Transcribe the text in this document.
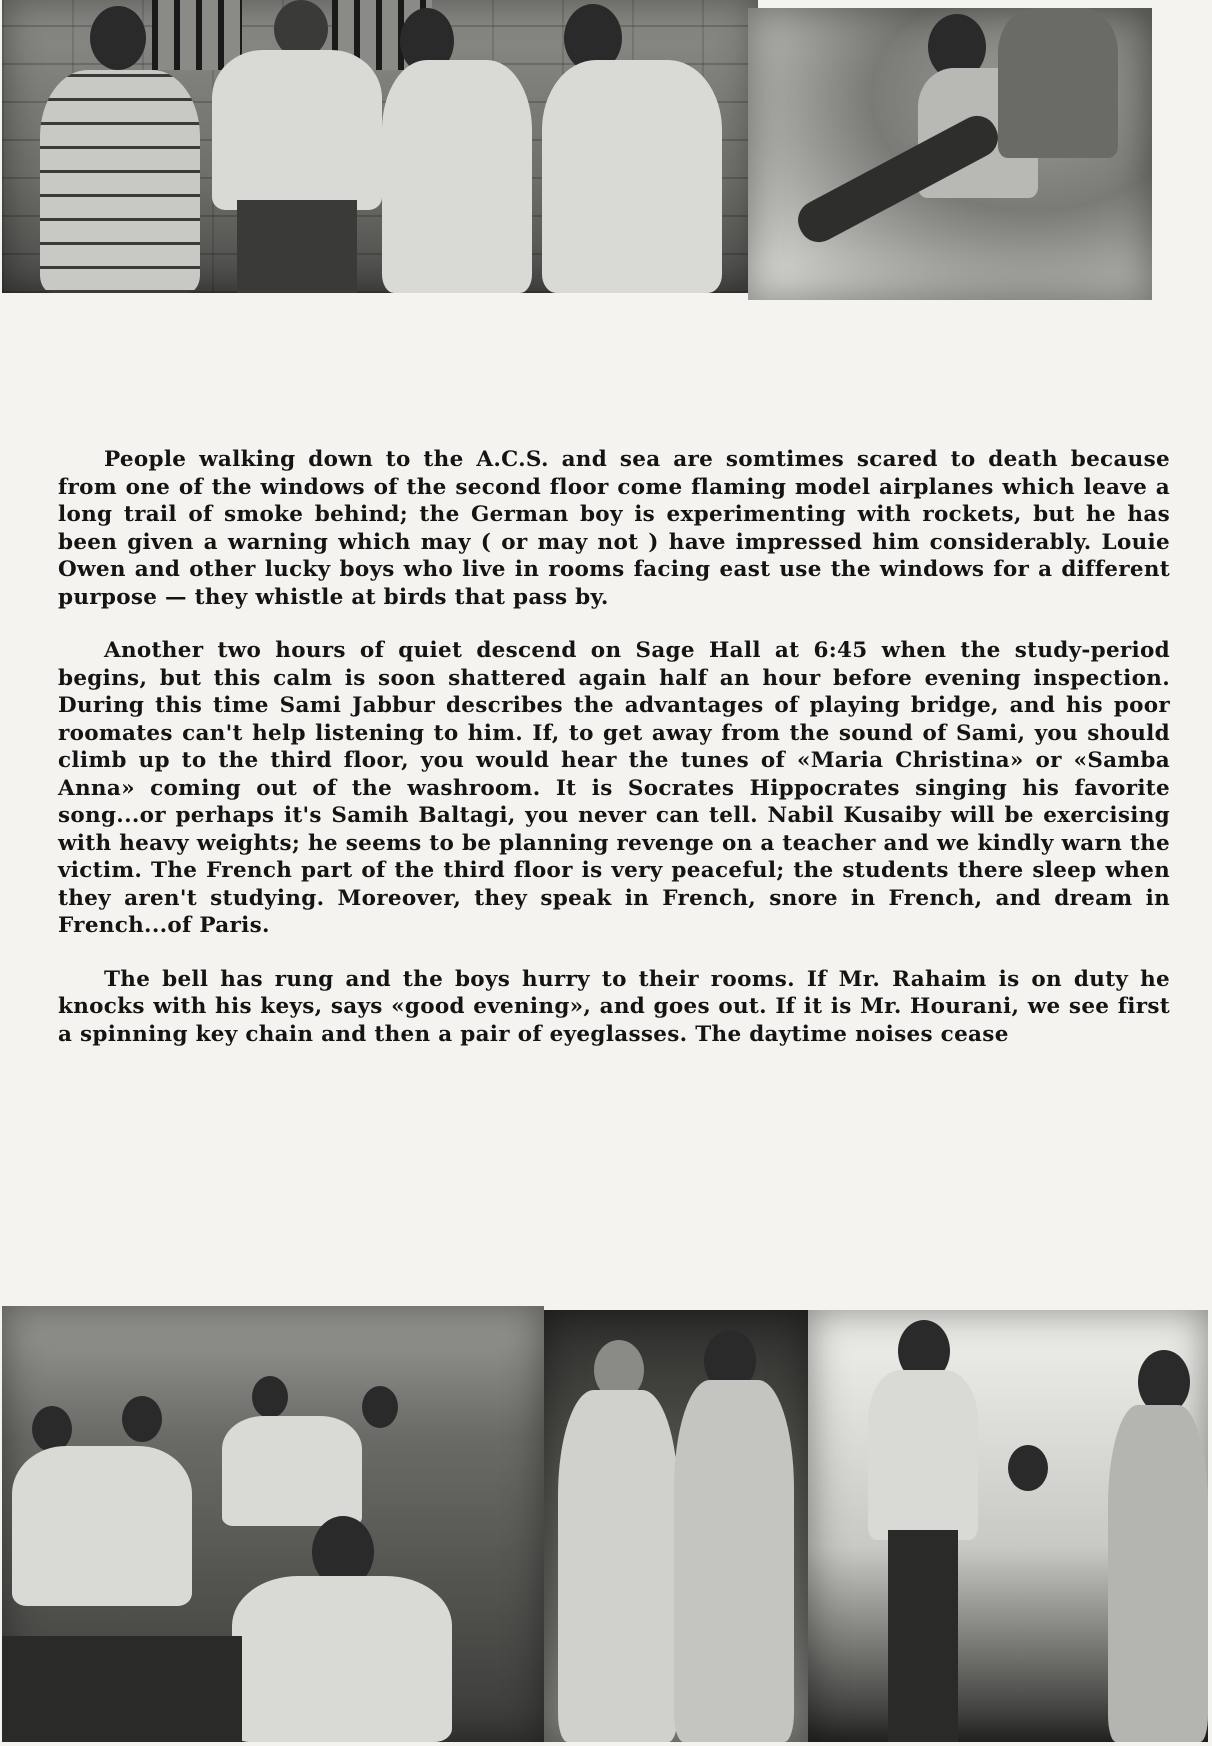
People walking down to the A.C.S. and sea are somtimes scared to death because from one of the windows of the second floor come flaming model airplanes which leave a long trail of smoke behind; the German boy is experimenting with rockets, but he has been given a warning which may ( or may not ) have impressed him considerably. Louie Owen and other lucky boys who live in rooms facing east use the windows for a different purpose — they whistle at birds that pass by.

Another two hours of quiet descend on Sage Hall at 6:45 when the study-period begins, but this calm is soon shattered again half an hour before evening inspection. During this time Sami Jabbur describes the advantages of playing bridge, and his poor roomates can't help listening to him. If, to get away from the sound of Sami, you should climb up to the third floor, you would hear the tunes of «Maria Christina» or «Samba Anna» coming out of the washroom. It is Socrates Hippocrates singing his favorite song...or perhaps it's Samih Baltagi, you never can tell. Nabil Kusaiby will be exercising with heavy weights; he seems to be planning revenge on a teacher and we kindly warn the victim. The French part of the third floor is very peaceful; the students there sleep when they aren't studying. Moreover, they speak in French, snore in French, and dream in French...of Paris.

The bell has rung and the boys hurry to their rooms. If Mr. Rahaim is on duty he knocks with his keys, says «good evening», and goes out. If it is Mr. Hourani, we see first a spinning key chain and then a pair of eyeglasses. The daytime noises cease
